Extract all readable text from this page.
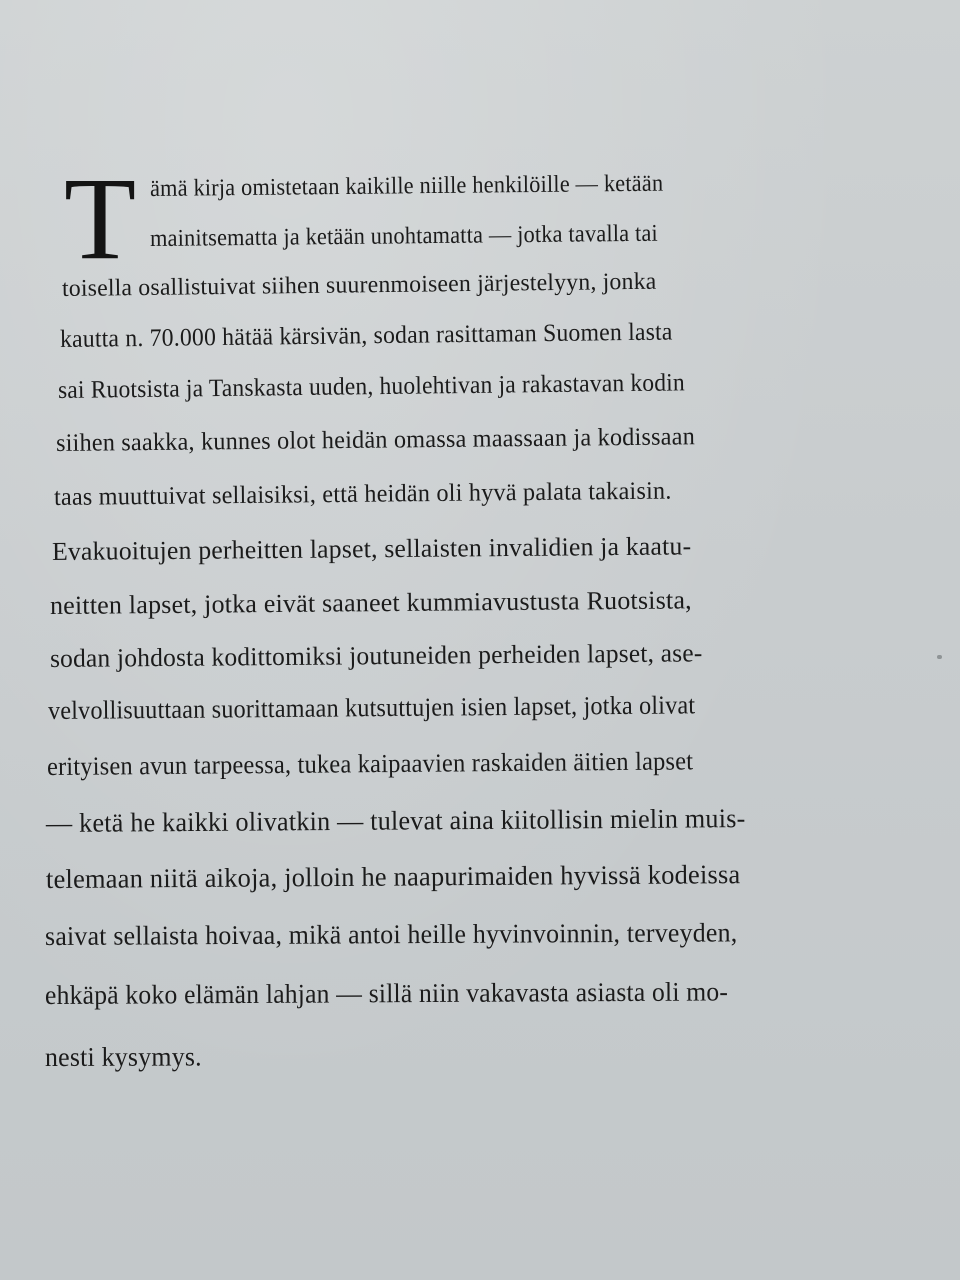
T ämä kirja omistetaan kaikille niille henkilöille — ketään
mainitsematta ja ketään unohtamatta — jotka tavalla tai
toisella osallistuivat siihen suurenmoiseen järjestelyyn, jonka
kautta n. 70.000 hätää kärsivän, sodan rasittaman Suomen lasta
sai Ruotsista ja Tanskasta uuden, huolehtivan ja rakastavan kodin
siihen saakka, kunnes olot heidän omassa maassaan ja kodissaan
taas muuttuivat sellaisiksi, että heidän oli hyvä palata takaisin.
Evakuoitujen perheitten lapset, sellaisten invalidien ja kaatu-
neitten lapset, jotka eivät saaneet kummiavustusta Ruotsista,
sodan johdosta kodittomiksi joutuneiden perheiden lapset, ase-
velvollisuuttaan suorittamaan kutsuttujen isien lapset, jotka olivat
erityisen avun tarpeessa, tukea kaipaavien raskaiden äitien lapset
— ketä he kaikki olivatkin — tulevat aina kiitollisin mielin muis-
telemaan niitä aikoja, jolloin he naapurimaiden hyvissä kodeissa
saivat sellaista hoivaa, mikä antoi heille hyvinvoinnin, terveyden,
ehkäpä koko elämän lahjan — sillä niin vakavasta asiasta oli mo-
nesti kysymys.
